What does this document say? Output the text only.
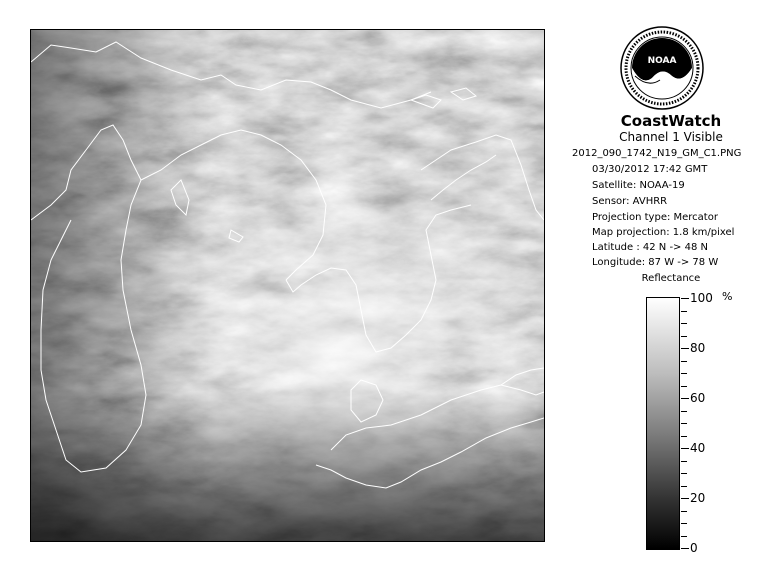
NOAA
CoastWatch
Channel 1 Visible
2012_090_1742_N19_GM_C1.PNG
03/30/2012 17:42 GMT
Satellite: NOAA-19
Sensor: AVHRR
Projection type: Mercator
Map projection: 1.8 km/pixel
Latitude : 42 N -> 48 N
Longitude: 87 W -> 78 W
Reflectance
%
100
80
60
40
20
0
